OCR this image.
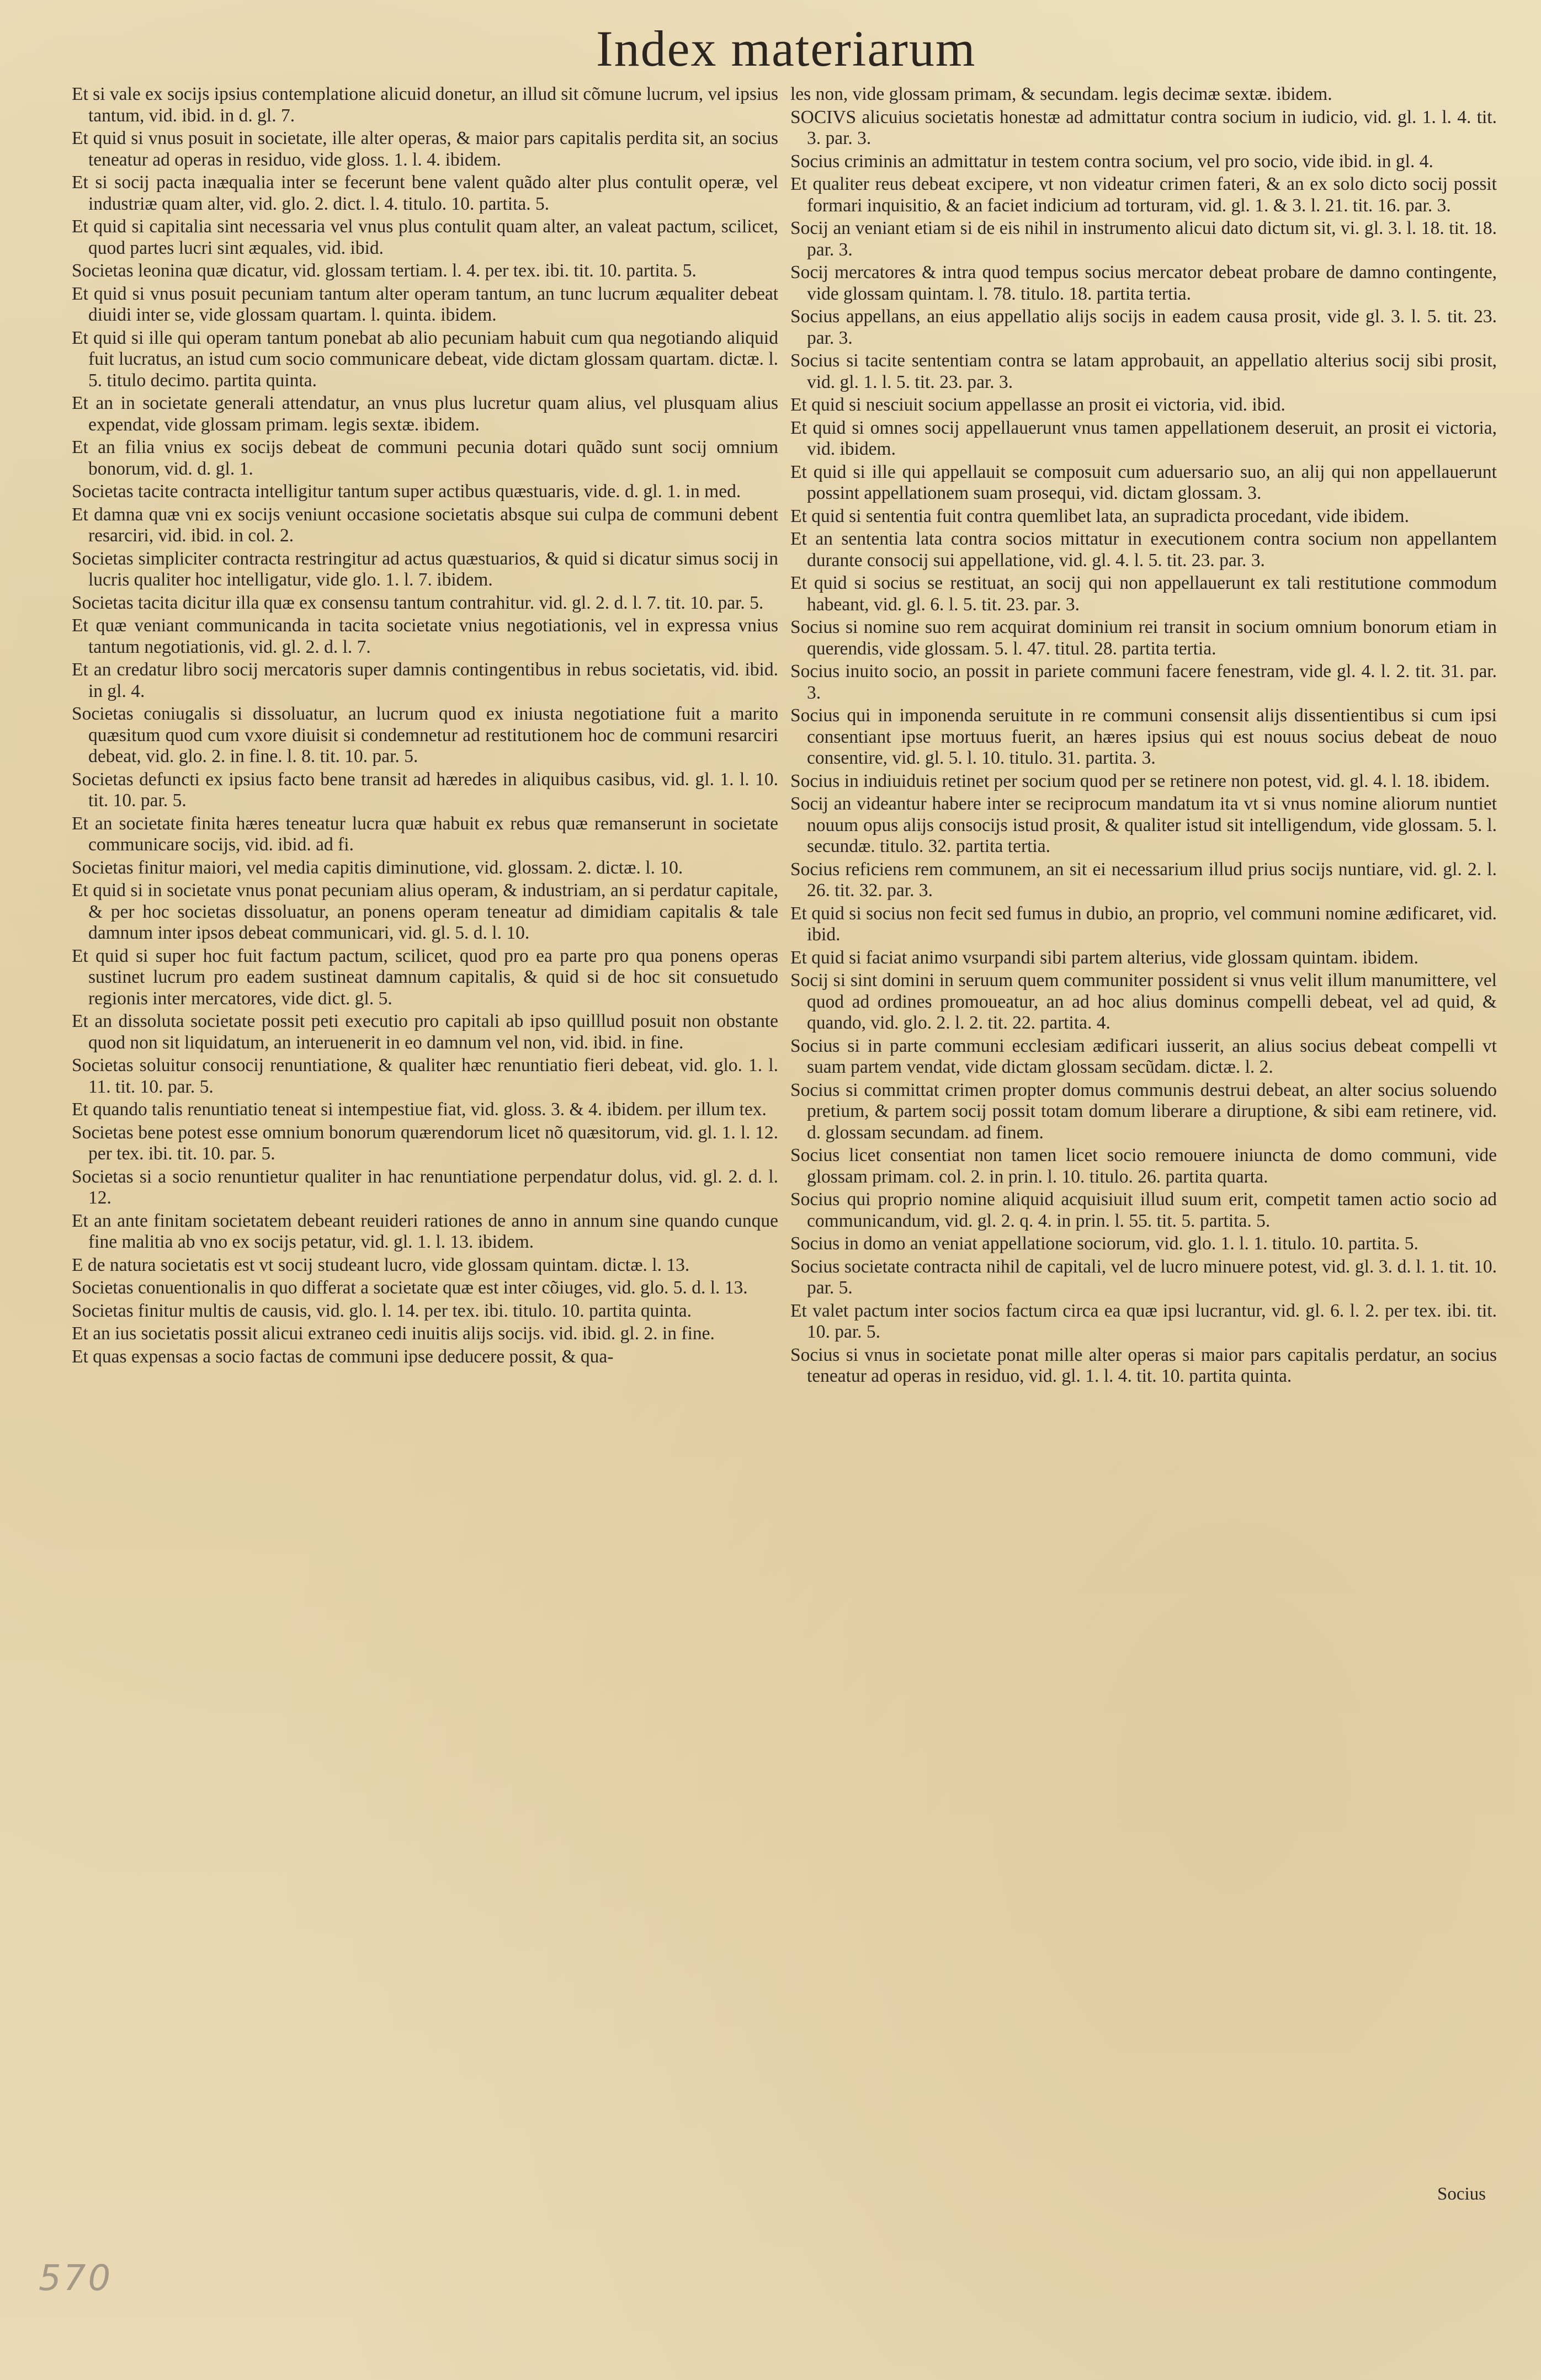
Index materiarum

Et si vale ex socijs ipsius contemplatione alicuid donetur, an illud sit cõmune lucrum, vel ipsius tantum, vid. ibid. in d. gl. 7.

Et quid si vnus posuit in societate, ille alter operas, & maior pars capitalis perdita sit, an socius teneatur ad operas in residuo, vide gloss. 1. l. 4. ibidem.

Et si socij pacta inæqualia inter se fecerunt bene valent quãdo alter plus contulit operæ, vel industriæ quam alter, vid. glo. 2. dict. l. 4. titulo. 10. partita. 5.

Et quid si capitalia sint necessaria vel vnus plus contulit quam alter, an valeat pactum, scilicet, quod partes lucri sint æquales, vid. ibid.

Societas leonina quæ dicatur, vid. glossam tertiam. l. 4. per tex. ibi. tit. 10. partita. 5.

Et quid si vnus posuit pecuniam tantum alter operam tantum, an tunc lucrum æqualiter debeat diuidi inter se, vide glossam quartam. l. quinta. ibidem.

Et quid si ille qui operam tantum ponebat ab alio pecuniam habuit cum qua negotiando aliquid fuit lucratus, an istud cum socio communicare debeat, vide dictam glossam quartam. dictæ. l. 5. titulo decimo. partita quinta.

Et an in societate generali attendatur, an vnus plus lucretur quam alius, vel plusquam alius expendat, vide glossam primam. legis sextæ. ibidem.

Et an filia vnius ex socijs debeat de communi pecunia dotari quãdo sunt socij omnium bonorum, vid. d. gl. 1.

Societas tacite contracta intelligitur tantum super actibus quæstuaris, vide. d. gl. 1. in med.

Et damna quæ vni ex socijs veniunt occasione societatis absque sui culpa de communi debent resarciri, vid. ibid. in col. 2.

Societas simpliciter contracta restringitur ad actus quæstuarios, & quid si dicatur simus socij in lucris qualiter hoc intelligatur, vide glo. 1. l. 7. ibidem.

Societas tacita dicitur illa quæ ex consensu tantum contrahitur. vid. gl. 2. d. l. 7. tit. 10. par. 5.

Et quæ veniant communicanda in tacita societate vnius negotiationis, vel in expressa vnius tantum negotiationis, vid. gl. 2. d. l. 7.

Et an credatur libro socij mercatoris super damnis contingentibus in rebus societatis, vid. ibid. in gl. 4.

Societas coniugalis si dissoluatur, an lucrum quod ex iniusta negotiatione fuit a marito quæsitum quod cum vxore diuisit si condemnetur ad restitutionem hoc de communi resarciri debeat, vid. glo. 2. in fine. l. 8. tit. 10. par. 5.

Societas defuncti ex ipsius facto bene transit ad hæredes in aliquibus casibus, vid. gl. 1. l. 10. tit. 10. par. 5.

Et an societate finita hæres teneatur lucra quæ habuit ex rebus quæ remanserunt in societate communicare socijs, vid. ibid. ad fi.

Societas finitur maiori, vel media capitis diminutione, vid. glossam. 2. dictæ. l. 10.

Et quid si in societate vnus ponat pecuniam alius operam, & industriam, an si perdatur capitale, & per hoc societas dissoluatur, an ponens operam teneatur ad dimidiam capitalis & tale damnum inter ipsos debeat communicari, vid. gl. 5. d. l. 10.

Et quid si super hoc fuit factum pactum, scilicet, quod pro ea parte pro qua ponens operas sustinet lucrum pro eadem sustineat damnum capitalis, & quid si de hoc sit consuetudo regionis inter mercatores, vide dict. gl. 5.

Et an dissoluta societate possit peti executio pro capitali ab ipso quilllud posuit non obstante quod non sit liquidatum, an interuenerit in eo damnum vel non, vid. ibid. in fine.

Societas soluitur consocij renuntiatione, & qualiter hæc renuntiatio fieri debeat, vid. glo. 1. l. 11. tit. 10. par. 5.

Et quando talis renuntiatio teneat si intempestiue fiat, vid. gloss. 3. & 4. ibidem. per illum tex.

Societas bene potest esse omnium bonorum quærendorum licet nõ quæsitorum, vid. gl. 1. l. 12. per tex. ibi. tit. 10. par. 5.

Societas si a socio renuntietur qualiter in hac renuntiatione perpendatur dolus, vid. gl. 2. d. l. 12.

Et an ante finitam societatem debeant reuideri rationes de anno in annum sine quando cunque fine malitia ab vno ex socijs petatur, vid. gl. 1. l. 13. ibidem.

E de natura societatis est vt socij studeant lucro, vide glossam quintam. dictæ. l. 13.

Societas conuentionalis in quo differat a societate quæ est inter cõiuges, vid. glo. 5. d. l. 13.

Societas finitur multis de causis, vid. glo. l. 14. per tex. ibi. titulo. 10. partita quinta.

Et an ius societatis possit alicui extraneo cedi inuitis alijs socijs. vid. ibid. gl. 2. in fine.

Et quas expensas a socio factas de communi ipse deducere possit, & qua-

les non, vide glossam primam, & secundam. legis decimæ sextæ. ibidem.

SOCIVS alicuius societatis honestæ ad admittatur contra socium in iudicio, vid. gl. 1. l. 4. tit. 3. par. 3.

Socius criminis an admittatur in testem contra socium, vel pro socio, vide ibid. in gl. 4.

Et qualiter reus debeat excipere, vt non videatur crimen fateri, & an ex solo dicto socij possit formari inquisitio, & an faciet indicium ad torturam, vid. gl. 1. & 3. l. 21. tit. 16. par. 3.

Socij an veniant etiam si de eis nihil in instrumento alicui dato dictum sit, vi. gl. 3. l. 18. tit. 18. par. 3.

Socij mercatores & intra quod tempus socius mercator debeat probare de damno contingente, vide glossam quintam. l. 78. titulo. 18. partita tertia.

Socius appellans, an eius appellatio alijs socijs in eadem causa prosit, vide gl. 3. l. 5. tit. 23. par. 3.

Socius si tacite sententiam contra se latam approbauit, an appellatio alterius socij sibi prosit, vid. gl. 1. l. 5. tit. 23. par. 3.

Et quid si nesciuit socium appellasse an prosit ei victoria, vid. ibid.

Et quid si omnes socij appellauerunt vnus tamen appellationem deseruit, an prosit ei victoria, vid. ibidem.

Et quid si ille qui appellauit se composuit cum aduersario suo, an alij qui non appellauerunt possint appellationem suam prosequi, vid. dictam glossam. 3.

Et quid si sententia fuit contra quemlibet lata, an supradicta procedant, vide ibidem.

Et an sententia lata contra socios mittatur in executionem contra socium non appellantem durante consocij sui appellatione, vid. gl. 4. l. 5. tit. 23. par. 3.

Et quid si socius se restituat, an socij qui non appellauerunt ex tali restitutione commodum habeant, vid. gl. 6. l. 5. tit. 23. par. 3.

Socius si nomine suo rem acquirat dominium rei transit in socium omnium bonorum etiam in querendis, vide glossam. 5. l. 47. titul. 28. partita tertia.

Socius inuito socio, an possit in pariete communi facere fenestram, vide gl. 4. l. 2. tit. 31. par. 3.

Socius qui in imponenda seruitute in re communi consensit alijs dissentientibus si cum ipsi consentiant ipse mortuus fuerit, an hæres ipsius qui est nouus socius debeat de nouo consentire, vid. gl. 5. l. 10. titulo. 31. partita. 3.

Socius in indiuiduis retinet per socium quod per se retinere non potest, vid. gl. 4. l. 18. ibidem.

Socij an videantur habere inter se reciprocum mandatum ita vt si vnus nomine aliorum nuntiet nouum opus alijs consocijs istud prosit, & qualiter istud sit intelligendum, vide glossam. 5. l. secundæ. titulo. 32. partita tertia.

Socius reficiens rem communem, an sit ei necessarium illud prius socijs nuntiare, vid. gl. 2. l. 26. tit. 32. par. 3.

Et quid si socius non fecit sed fumus in dubio, an proprio, vel communi nomine ædificaret, vid. ibid.

Et quid si faciat animo vsurpandi sibi partem alterius, vide glossam quintam. ibidem.

Socij si sint domini in seruum quem communiter possident si vnus velit illum manumittere, vel quod ad ordines promoueatur, an ad hoc alius dominus compelli debeat, vel ad quid, & quando, vid. glo. 2. l. 2. tit. 22. partita. 4.

Socius si in parte communi ecclesiam ædificari iusserit, an alius socius debeat compelli vt suam partem vendat, vide dictam glossam secũdam. dictæ. l. 2.

Socius si committat crimen propter domus communis destrui debeat, an alter socius soluendo pretium, & partem socij possit totam domum liberare a diruptione, & sibi eam retinere, vid. d. glossam secundam. ad finem.

Socius licet consentiat non tamen licet socio remouere iniuncta de domo communi, vide glossam primam. col. 2. in prin. l. 10. titulo. 26. partita quarta.

Socius qui proprio nomine aliquid acquisiuit illud suum erit, competit tamen actio socio ad communicandum, vid. gl. 2. q. 4. in prin. l. 55. tit. 5. partita. 5.

Socius in domo an veniat appellatione sociorum, vid. glo. 1. l. 1. titulo. 10. partita. 5.

Socius societate contracta nihil de capitali, vel de lucro minuere potest, vid. gl. 3. d. l. 1. tit. 10. par. 5.

Et valet pactum inter socios factum circa ea quæ ipsi lucrantur, vid. gl. 6. l. 2. per tex. ibi. tit. 10. par. 5.

Socius si vnus in societate ponat mille alter operas si maior pars capitalis perdatur, an socius teneatur ad operas in residuo, vid. gl. 1. l. 4. tit. 10. partita quinta.

Socius
570
